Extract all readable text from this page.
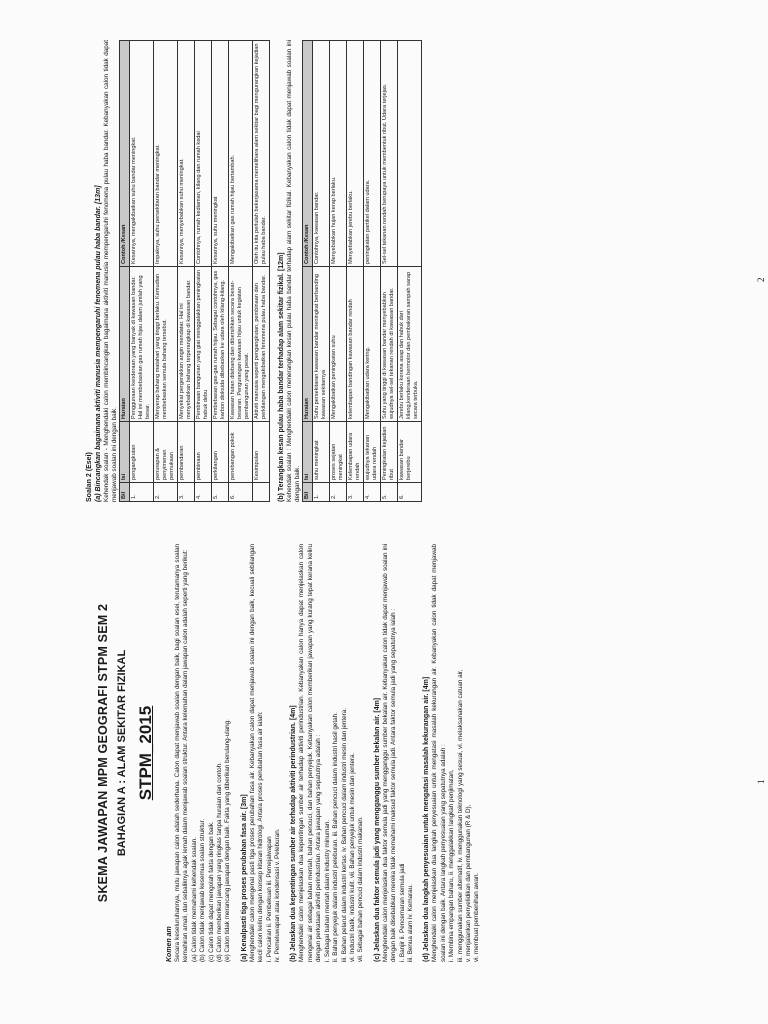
SKEMA JAWAPAN MPM GEOGRAFI STPM SEM 2 BAHAGIAN A : ALAM SEKITAR FIZIKAL STPM_2015
Komen am Secara keseluruhannya, mutu jawapan calon adalah sederhana. Calon dapat menjawab soalan dengan baik, bagi soalan esei, terutamanya soalan kemahiran amali, dan sebaliknya agak lemah dalam menjawab soalan struktur. Antara kelemahan dalam jawapan calon adalah seperti yang berikut: (a) Calon tidak memahami kehendak soalan. (b) Calon tidak menjawab kesemua soalan struktur. (c) Calon tidak dapat mengolah fakta dengan baik. (d) Calon memberikan jawapan yang ringkas tanpa huraian dan contoh. (e) Calon tidak merancang jawapan dengan baik. Fakta yang diberikan berulang-ulang. (a) Kenalpasti tiga proses perubahan fasa air. [3m] Menghendaki calon mengenal pasti tiga proses perubahan fasa air. Kebanyakan calon dapat menjawab soalan ini dengan baik, kecuali sebilangan kecil calon keliru dengan konsep kitaran hidrologi. Antara proses perubahan fasa air ialah: i. Pencairan ii. Pembekuan iii. Pemejalwapan iv. Pemeluwapan atau kondensasi v. Peleburan. (b) Jelaskan dua kepentingan sumber air terhadap aktiviti perindustrian. [4m] Menghendaki calon menjelaskan dua kepentingan sumber air terhadap aktiviti perindustrian. Kebanyakan calon hanya dapat menjelaskan calon mengenai air sebagai bahan mentah, bahan pencuci, dan bahan penyejuk. Kebanyakan calon memberikan jawapan yang kurang tepat kerana keliru dengan perkataan aktiviti perindustrian. Antara jawapan yang sepatutnya adalah : i. Sebagai bahan mentah dalam industry minuman. ii. Bahan penyejuk dalam industri peleburan. iii. Bahan pencuci dalam industri hasil getah. iii. Bahan pelarut dalam industri kertas. iv. Bahan pencuci dalam industri mesin dan jentera. vi. Industri batik, industri kulit. vii. Bahan penyejuk untuk mesin dan jentera. vii. Sebagai bahan pencuci dalam industri makanan. (c) Jelaskan dua faktor semula jadi yang mengganggu sumber bekalan air. [4m] Menghendaki calon menjelaskan dua faktor semula jadi yang mengganggu sumber bekalan air. Kebanyakan calon tidak dapat menjawab soalan ini dengan baik disebabkan mereka tidak memahami maksud faktor semula jadi. Antara faktor semula jadi yang sepatutnya ialah : i. Banjir ii. Pencemaran semula jadi iii. Benua alam iv. Kemarau. (d) Jelaskan dua langkah penyesuaian untuk mengatasi masalah kekurangan air. [4m] Menghendaki calon menjelaskan dua langkah penyesuaian untuk mengatasi masalah kekurangan air. Kebanyakan calon tidak dapat menjawab soalan ini dengan baik. Antara langkah penyesuaian yang sepatutnya adalah : i. Membina empangan baharu, ii. menggalakkan langkah penjimatan, iii. menggunakan sumber alternatif, iv. menggunakan teknologi yang sesuai, vi. melaksanakan catuan air, v. menjalankan penyelidikan dan pembangunan (R & D), vi. membuat pembenihan awan.
1
Soalan 2 (Esei) (a) Bincangkan bagaimana aktiviti manusia mempengaruhi fenomena pulau haba bandar. [13m] Kehendak soalan - Menghendaki calon membincangkan bagaimana aktiviti manusia mempengaruhi fenomena pulau haba bandar. Kebanyakan calon tidak dapat menjawab soalan ini dengan baik. Bil	Isi	Huraian	Contoh /Kesan
1.	pengangkutan	Penggunaan kenderaan yang banyak di kawasan bandar. Hal ini membebaskan gas rumah hijau dalam jumlah yang besar.	Kesannya, mengakibatkan suhu bandar meningkat.
2.	penurapan & penyimenan permukaan	Menyerap bahang matahari yang tinggi berlaku. Kemudian membebaskan semula bahang tersebut.	Impaknya, suhu persekitaran bandar meningkat.
3.	pembandaran	Menyekat pergerakkan angin mendatar. Hal ini menyebabkan bahang terperangkap di kawasan bandar.	Kesannya, menyebabkan suhu meningkat.
4.	pembinaan	Pembinaan bangunan yang giat menggalakkan peningkatan habuk debu	Contohnya, rumah kediaman, kilang dan rumah kedai
5.	perkilangan	Pembebasan gas-gas rumah hijau. Sebagai contohnya, gas karbon dioksida dibebaskan ke udara oleh kilang-kilang.	Kesannya, suhu meningkat
6.	penebangan pokok	Kawasan hutan ditebang dan dibersihkan secara besar-besaran. Pengurangan kawasan hijau untuk kegiatan pembangunan yang pesat.	Mengakibatkan gas rumah hijau bertambah.
	Kesimpulan	Aktiviti manusia seperti pengangkutan, pembinaan dan perkilangan mengakibatkan fenomena pulau haba bandar.	Oleh itu kita perlulah bekerjasama memelihara alam sekitar bagi mengurangkan kejadian pulau haba bandar.
(b) Terangkan kesan pulau haba bandar terhadap alam sekitar fizikal. [12m] Kehendak soalan : Menghendaki calon menerangkan kesan pulau haba bandar terhadap alam sekitar fizikal. Kebanyakan calon tidak dapat menjawab soalan ini dengan baik. Bil	Isi	Huraian	Contoh /Kesan
1.	suhu meningkat	Suhu persekitaran kawasan bandar meningkat berbanding kawasan sekitarnya	Contohnya, kawasan bandar.
2.	proses sejatan meningkat	Mengakibatkan peningkatan suhu	Menyebabkan hujan kerap berlaku.
3.	Kelembapan udara rendah	kelembapan bandingan kawasan bandar rendah	Menyebabkan jerebu berlaku.
4.	wujudnya tekanan udara rendah	Mengakibatkan udara kering.	peningkatan partikel dalam udara.
5.	Peningkatan kejadian ribut	Suhu yang tinggi di kawasan bandar menyebabkan wujudnya sel-sel tekanan rendah di kawasan bandar.	Sel-sel tekanan rendah berupaya untuk membentuk ribut. Udara terjejas.
6.	kawasan bandar berjerebu	Jerebu berlaku kerana asap dan habuk dari kilang,kenderaan bermotor dan pembakaran sampah sarap secara terbuka.	
2
